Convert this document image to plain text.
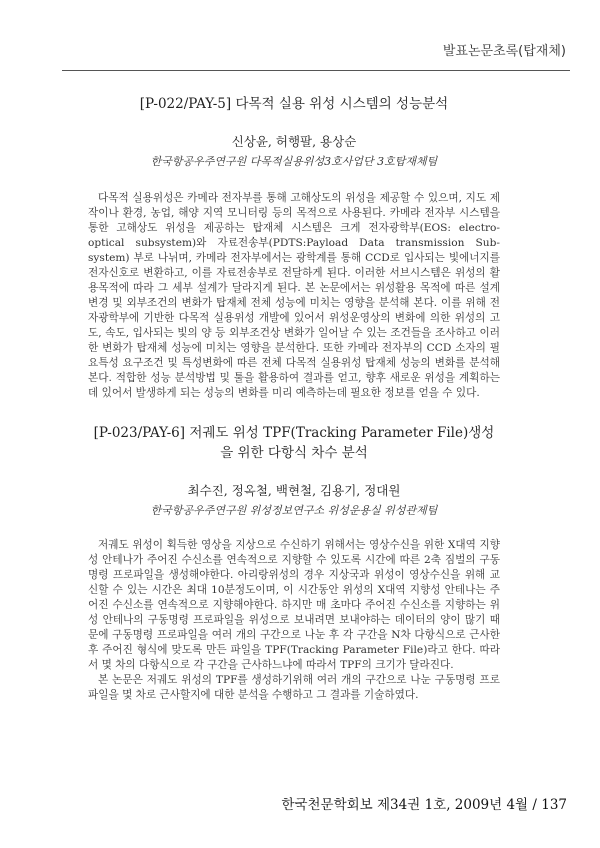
발표논문초록(탑재체)

[P-022/PAY-5] 다목적 실용 위성 시스템의 성능분석

신상윤, 허행팔, 용상순

한국항공우주연구원 다목적실용위성3호사업단 3호탑재체팀

다목적 실용위성은 카메라 전자부를 통해 고해상도의 위성을 제공할 수 있으며, 지도 제작이나 환경, 농업, 해양 지역 모니터링 등의 목적으로 사용된다. 카메라 전자부 시스템을 통한 고해상도 위성을 제공하는 탑재체 시스템은 크게 전자광학부(EOS: electro-optical subsystem)와 자료전송부(PDTS:Payload Data transmission Sub-system) 부로 나뉘며, 카메라 전자부에서는 광학계를 통해 CCD로 입사되는 빛에너지를 전자신호로 변환하고, 이를 자료전송부로 전달하게 된다. 이러한 서브시스템은 위성의 활용목적에 따라 그 세부 설계가 달라지게 된다. 본 논문에서는 위성활용 목적에 따른 설계변경 및 외부조건의 변화가 탑재체 전체 성능에 미치는 영향을 분석해 본다. 이를 위해 전자광학부에 기반한 다목적 실용위성 개발에 있어서 위성운영상의 변화에 의한 위성의 고도, 속도, 입사되는 빛의 양 등 외부조건상 변화가 일어날 수 있는 조건들을 조사하고 이러한 변화가 탑재체 성능에 미치는 영향을 분석한다. 또한 카메라 전자부의 CCD 소자의 필요특성 요구조건 및 특성변화에 따른 전체 다목적 실용위성 탑재체 성능의 변화를 분석해 본다. 적합한 성능 분석방법 및 툴을 활용하여 결과를 얻고, 향후 새로운 위성을 계획하는데 있어서 발생하게 되는 성능의 변화를 미리 예측하는데 필요한 정보를 얻을 수 있다.

[P-023/PAY-6] 저궤도 위성 TPF(Tracking Parameter File)생성을 위한 다항식 차수 분석

최수진, 정옥철, 백현철, 김용기, 정대원

한국항공우주연구원 위성정보연구소 위성운용실 위성관제팀

저궤도 위성이 획득한 영상을 지상으로 수신하기 위해서는 영상수신을 위한 X대역 지향성 안테나가 주어진 수신소를 연속적으로 지향할 수 있도록 시간에 따른 2축 짐벌의 구동명령 프로파일을 생성해야한다. 아리랑위성의 경우 지상국과 위성이 영상수신을 위해 교신할 수 있는 시간은 최대 10분정도이며, 이 시간동안 위성의 X대역 지향성 안테나는 주어진 수신소를 연속적으로 지향해야한다. 하지만 매 초마다 주어진 수신소를 지향하는 위성 안테나의 구동명령 프로파일을 위성으로 보내려면 보내야하는 데이터의 양이 많기 때문에 구동명령 프로파일을 여러 개의 구간으로 나눈 후 각 구간을 N차 다항식으로 근사한 후 주어진 형식에 맞도록 만든 파일을 TPF(Tracking Parameter File)라고 한다. 따라서 몇 차의 다항식으로 각 구간을 근사하느냐에 따라서 TPF의 크기가 달라진다.

본 논문은 저궤도 위성의 TPF를 생성하기위해 여러 개의 구간으로 나눈 구동명령 프로파일을 몇 차로 근사할지에 대한 분석을 수행하고 그 결과를 기술하였다.

한국천문학회보 제34권 1호, 2009년 4월 / 137
